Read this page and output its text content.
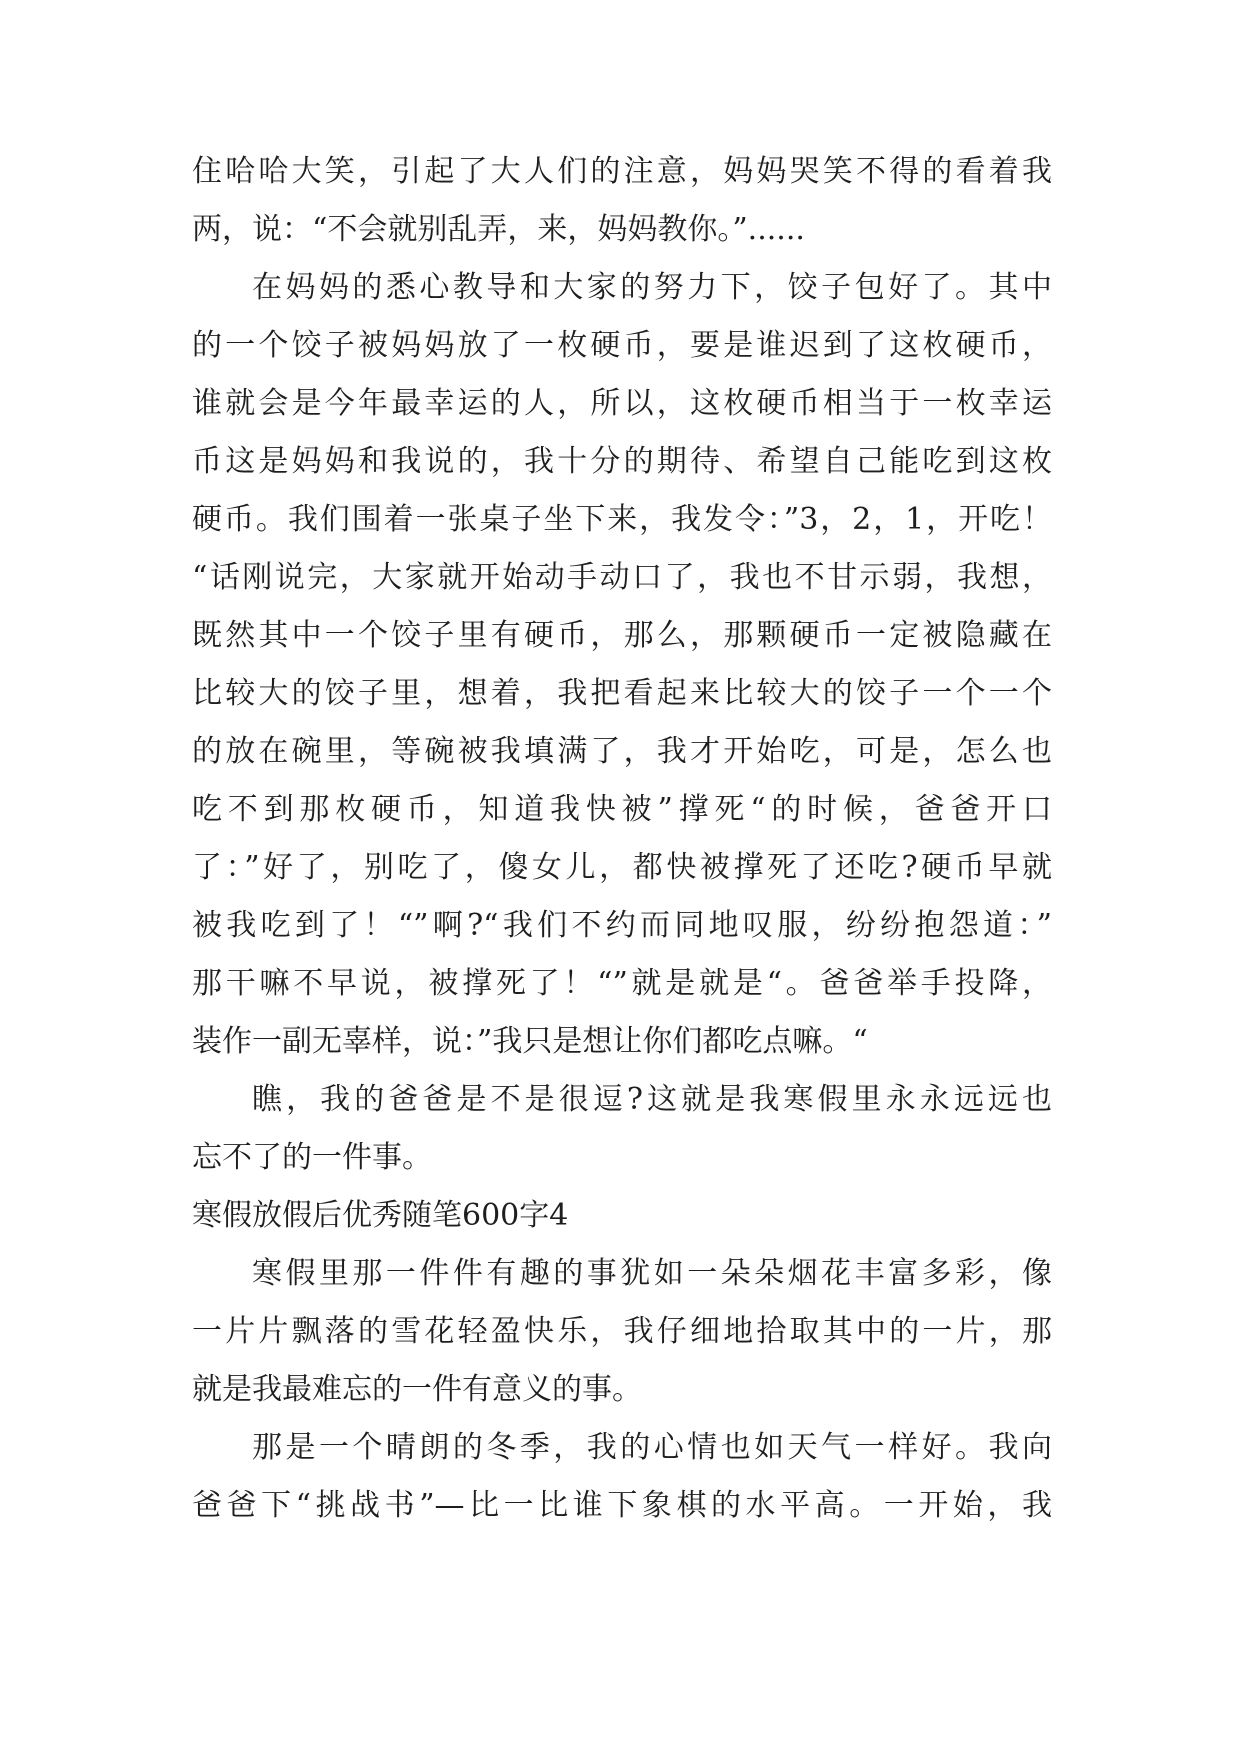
住哈哈大笑，引起了大人们的注意，妈妈哭笑不得的看着我

两，说：“不会就别乱弄，来，妈妈教你。”......

在妈妈的悉心教导和大家的努力下，饺子包好了。其中

的一个饺子被妈妈放了一枚硬币，要是谁迟到了这枚硬币，

谁就会是今年最幸运的人，所以，这枚硬币相当于一枚幸运

币这是妈妈和我说的，我十分的期待、希望自己能吃到这枚

硬币。我们围着一张桌子坐下来，我发令：”3，2，1，开吃！

“话刚说完，大家就开始动手动口了，我也不甘示弱，我想，

既然其中一个饺子里有硬币，那么，那颗硬币一定被隐藏在

比较大的饺子里，想着，我把看起来比较大的饺子一个一个

的放在碗里，等碗被我填满了，我才开始吃，可是，怎么也

吃不到那枚硬币，知道我快被”撑死“的时候，爸爸开口

了：”好了，别吃了，傻女儿，都快被撑死了还吃?硬币早就

被我吃到了！“”啊?“我们不约而同地叹服，纷纷抱怨道：”

那干嘛不早说，被撑死了！“”就是就是“。爸爸举手投降，

装作一副无辜样，说：”我只是想让你们都吃点嘛。“

瞧，我的爸爸是不是很逗?这就是我寒假里永永远远也

忘不了的一件事。

寒假放假后优秀随笔600字4

寒假里那一件件有趣的事犹如一朵朵烟花丰富多彩，像

一片片飘落的雪花轻盈快乐，我仔细地拾取其中的一片，那

就是我最难忘的一件有意义的事。

那是一个晴朗的冬季，我的心情也如天气一样好。我向

爸爸下“挑战书”—比一比谁下象棋的水平高。一开始，我
